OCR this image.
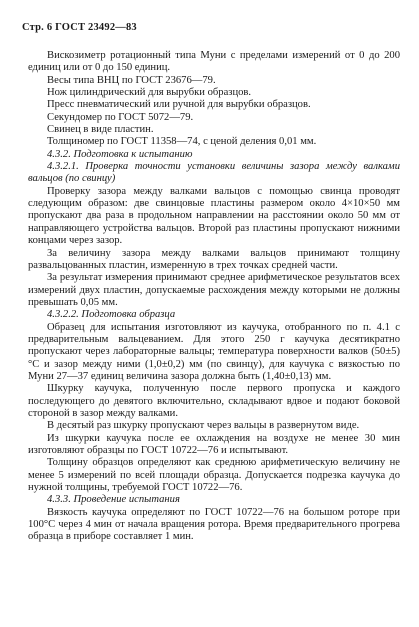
Стр. 6 ГОСТ 23492—83

Вискозиметр ротационный типа Муни с пределами измерений от 0 до 200 единиц или от 0 до 150 единиц.

Весы типа ВНЦ по ГОСТ 23676—79.

Нож цилиндрический для вырубки образцов.

Пресс пневматический или ручной для вырубки образцов.

Секундомер по ГОСТ 5072—79.

Свинец в виде пластин.

Толщиномер по ГОСТ 11358—74, с ценой деления 0,01 мм.

4.3.2. Подготовка к испытанию

4.3.2.1. Проверка точности установки величины зазора между валками вальцов (по свинцу)

Проверку зазора между валками вальцов с помощью свинца проводят следующим образом: две свинцовые пластины размером около 4×10×50 мм пропускают два раза в продольном направлении на расстоянии около 50 мм от направляющего устройства вальцов. Второй раз пластины пропускают нижними концами через зазор.

За величину зазора между валками вальцов принимают толщину развальцованных пластин, измеренную в трех точках средней части.

За результат измерения принимают среднее арифметическое результатов всех измерений двух пластин, допускаемые расхождения между которыми не должны превышать 0,05 мм.

4.3.2.2. Подготовка образца

Образец для испытания изготовляют из каучука, отобранного по п. 4.1 с предварительным вальцеванием. Для этого 250 г каучука десятикратно пропускают через лабораторные вальцы; температура поверхности валков (50±5)°С и зазор между ними (1,0±0,2) мм (по свинцу), для каучука с вязкостью по Муни 27—37 единиц величина зазора должна быть (1,40±0,13) мм.

Шкурку каучука, полученную после первого пропуска и каждого последующего до девятого включительно, складывают вдвое и подают боковой стороной в зазор между валками.

В десятый раз шкурку пропускают через вальцы в развернутом виде.

Из шкурки каучука после ее охлаждения на воздухе не менее 30 мин изготовляют образцы по ГОСТ 10722—76 и испытывают.

Толщину образцов определяют как среднюю арифметическую величину не менее 5 измерений по всей площади образца. Допускается подрезка каучука до нужной толщины, требуемой ГОСТ 10722—76.

4.3.3. Проведение испытания

Вязкость каучука определяют по ГОСТ 10722—76 на большом роторе при 100°С через 4 мин от начала вращения ротора. Время предварительного прогрева образца в приборе составляет 1 мин.
